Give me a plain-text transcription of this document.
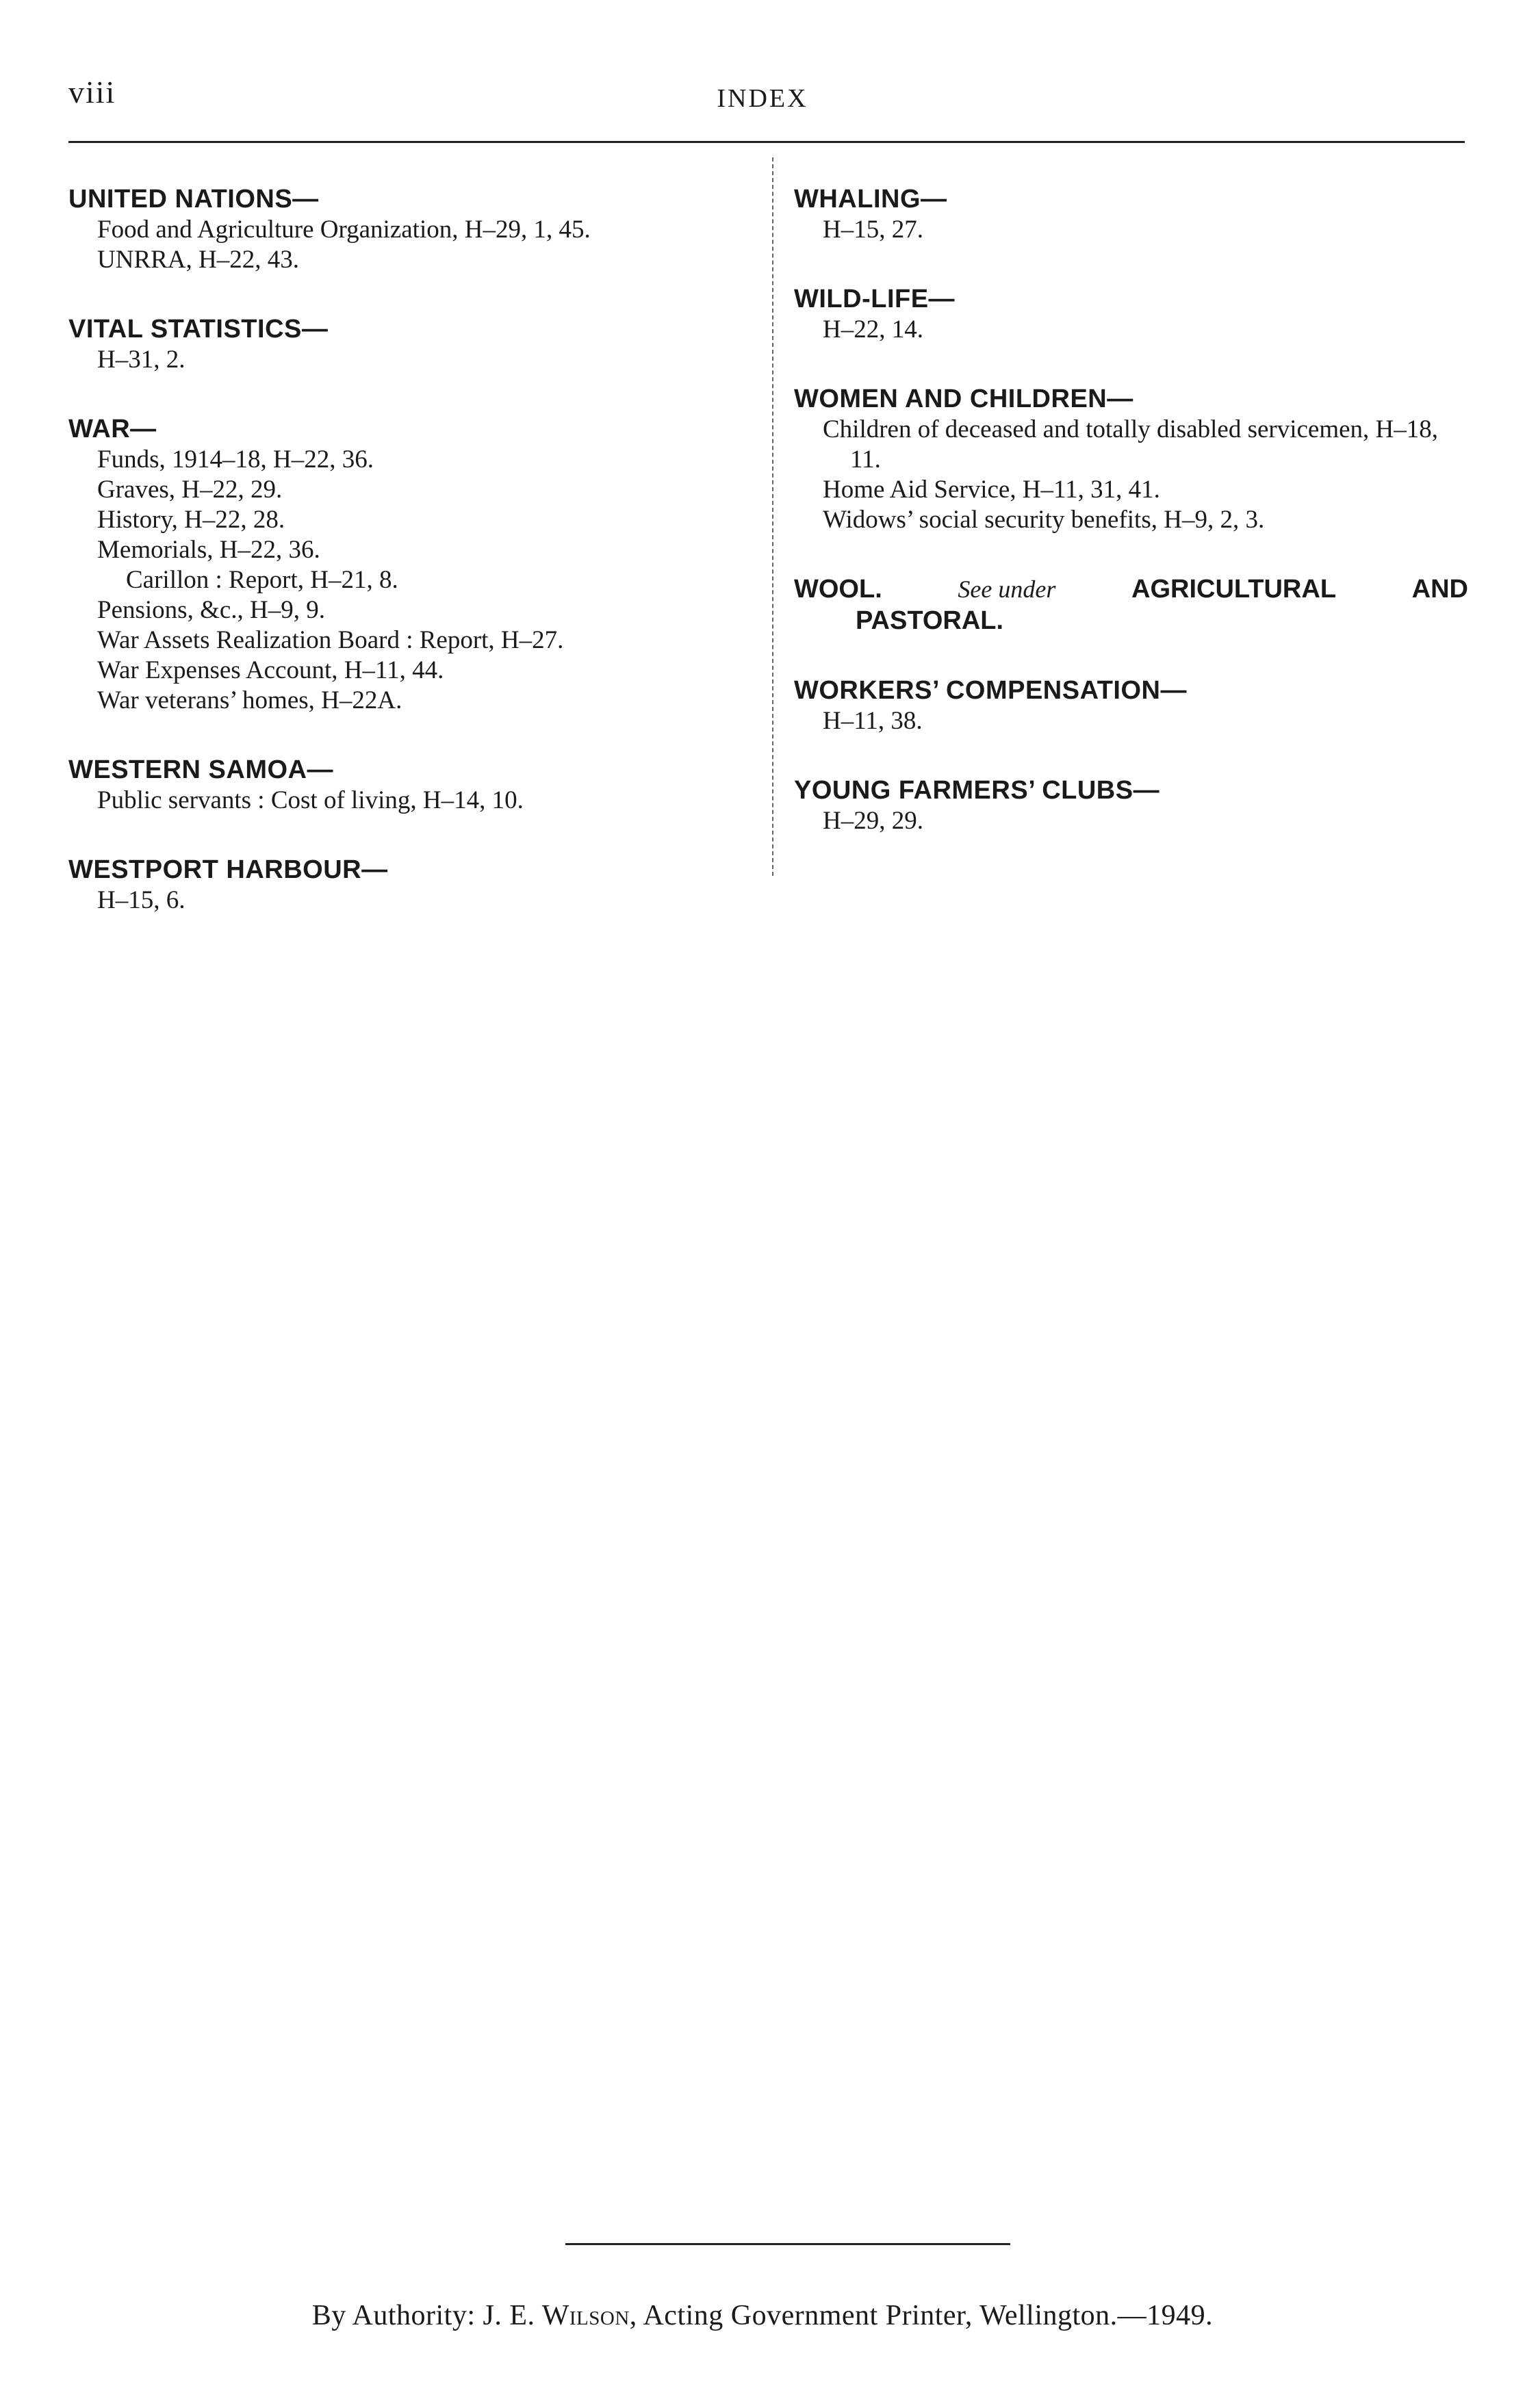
viii	INDEX
UNITED NATIONS—
Food and Agriculture Organization, H–29, 1, 45.
UNRRA, H–22, 43.
VITAL STATISTICS—
H–31, 2.
WAR—
Funds, 1914–18, H–22, 36.
Graves, H–22, 29.
History, H–22, 28.
Memorials, H–22, 36.
Carillon : Report, H–21, 8.
Pensions, &c., H–9, 9.
War Assets Realization Board : Report, H–27.
War Expenses Account, H–11, 44.
War veterans’ homes, H–22A.
WESTERN SAMOA—
Public servants : Cost of living, H–14, 10.
WESTPORT HARBOUR—
H–15, 6.
WHALING—
H–15, 27.
WILD-LIFE—
H–22, 14.
WOMEN AND CHILDREN—
Children of deceased and totally disabled servicemen, H–18, 11.
Home Aid Service, H–11, 31, 41.
Widows’ social security benefits, H–9, 2, 3.
WOOL.	See under	AGRICULTURAL	AND
PASTORAL.
WORKERS’ COMPENSATION—
H–11, 38.
YOUNG FARMERS’ CLUBS—
H–29, 29.
By Authority: J. E. Wilson, Acting Government Printer, Wellington.—1949.
